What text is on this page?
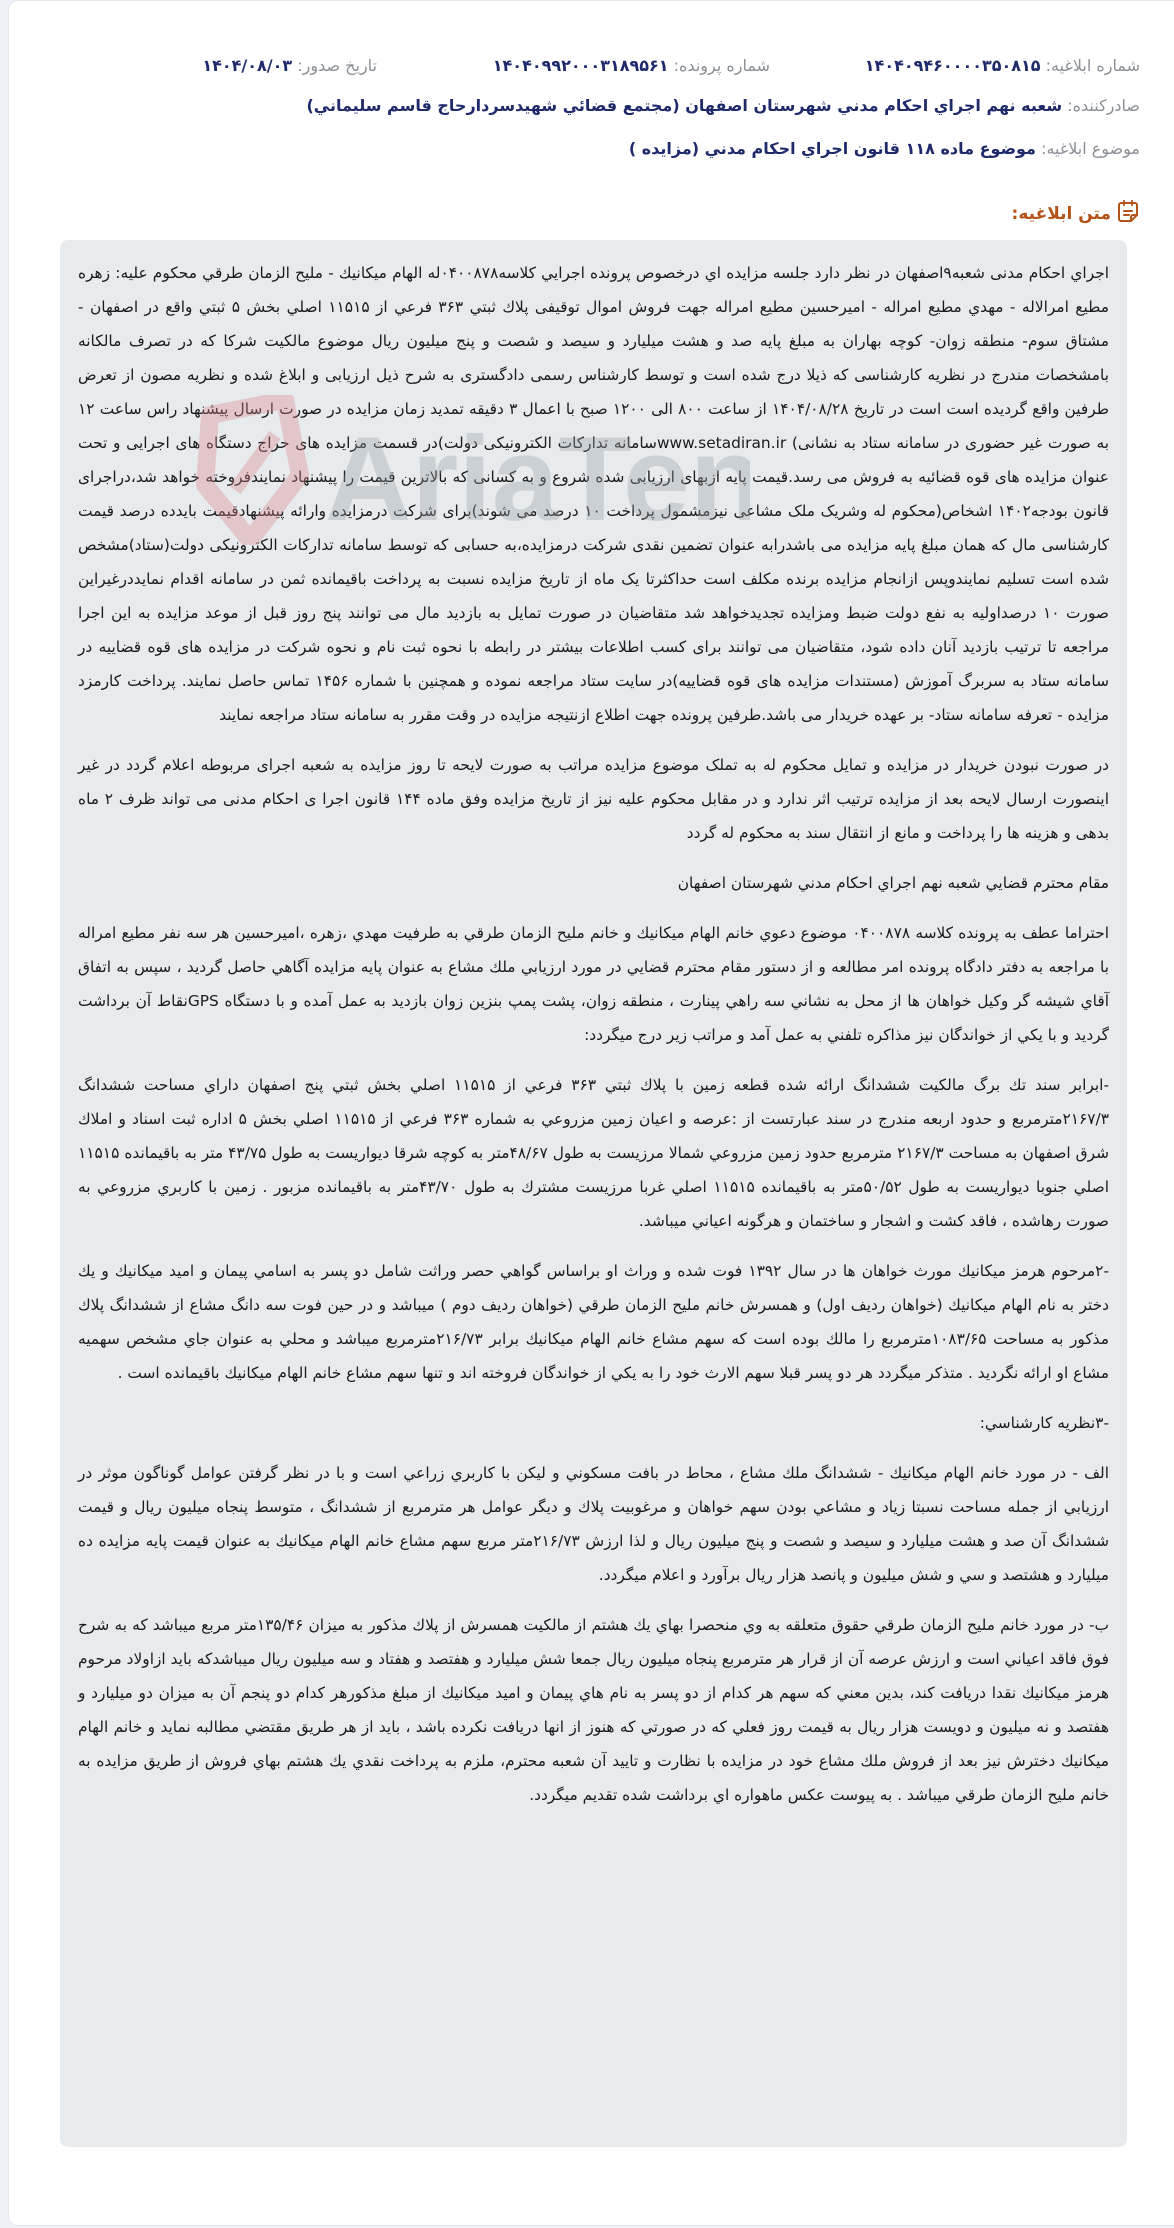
شماره ابلاغیه: ۱۴۰۴۰۹۴۶۰۰۰۰۳۵۰۸۱۵
شماره پرونده: ۱۴۰۴۰۹۹۲۰۰۰۳۱۸۹۵۶۱
تاریخ صدور: ۱۴۰۴/۰۸/۰۳
صادرکننده: شعبه نهم اجراي احكام مدني شهرستان اصفهان (مجتمع قضائي شهيدسردارحاج قاسم سليماني)
موضوع ابلاغیه: موضوع ماده ۱۱۸ قانون اجراي احكام مدني (مزايده )
متن ابلاغیه:

اجراي احكام مدنى شعبه۹اصفهان در نظر دارد جلسه مزايده اي درخصوص پرونده اجرايي كلاسه۰۴۰۰۸۷۸له الهام ميكانيك - مليح الزمان طرقي محكوم عليه: زهره مطيع امرالاله - مهدي مطيع امراله - اميرحسين مطيع امراله جهت فروش اموال توقيفى پلاك ثبتي ۳۶۳ فرعي از ۱۱۵۱۵ اصلي بخش ۵ ثبتي واقع در اصفهان - مشتاق سوم- منطقه زوان- كوچه بهاران به مبلغ پايه صد و هشت ميليارد و سيصد و شصت و پنج ميليون ريال موضوع مالكيت شركا كه در تصرف مالكانه بامشخصات مندرج در نظريه كارشناسى كه ذيلا درج شده است و توسط كارشناس رسمى دادگسترى به شرح ذيل ارزيابى و ابلاغ شده و نظريه مصون از تعرض طرفين واقع گرديده است است در تاريخ ۱۴۰۴/۰۸/۲۸ از ساعت ۸۰۰ الى ۱۲۰۰ صبح با اعمال ۳ دقيقه تمديد زمان مزايده در صورت ارسال پيشنهاد راس ساعت ۱۲ به صورت غير حضورى در سامانه ستاد به نشانى) www.setadiran.irسامانه تداركات الكترونيكى دولت)در قسمت مزايده هاى حراج دستگاه هاى اجرايى و تحت عنوان مزايده هاى قوه قضائيه به فروش مى رسد.قيمت پايه ازبهاى ارزيابى شده شروع و به كسانى كه بالاترين قيمت را پيشنهاد نمايندفروخته خواهد شد،دراجراى قانون بودجه۱۴۰۲ اشخاص(محكوم له وشريک ملک مشاعى نيزمشمول پرداخت ۱۰ درصد مى شوند)براى شركت درمزايده وارائه پيشنهادقيمت بايدده درصد قيمت كارشناسى مال كه همان مبلغ پايه مزايده مى باشدرابه عنوان تضمين نقدى شركت درمزايده،به حسابى كه توسط سامانه تداركات الكترونيكى دولت(ستاد)مشخص شده است تسليم نمايندوپس ازانجام مزايده برنده مكلف است حداكثرتا يک ماه از تاريخ مزايده نسبت به پرداخت باقيمانده ثمن در سامانه اقدام نمايددرغيراين صورت ۱۰ درصداوليه به نفع دولت ضبط ومزايده تجديدخواهد شد متقاضيان در صورت تمايل به بازديد مال مى توانند پنج روز قبل از موعد مزايده به اين اجرا مراجعه تا ترتيب بازديد آنان داده شود، متقاضيان مى توانند براى كسب اطلاعات بيشتر در رابطه با نحوه ثبت نام و نحوه شركت در مزايده هاى قوه قضاييه در سامانه ستاد به سربرگ آموزش (مستندات مزايده هاى قوه قضاييه)در سايت ستاد مراجعه نموده و همچنين با شماره ۱۴۵۶ تماس حاصل نمايند. پرداخت كارمزد مزايده - تعرفه سامانه ستاد- بر عهده خريدار مى باشد.طرفين پرونده جهت اطلاع ازنتيجه مزايده در وقت مقرر به سامانه ستاد مراجعه نمايند

در صورت نبودن خريدار در مزايده و تمايل محكوم له به تملک موضوع مزايده مراتب به صورت لايحه تا روز مزايده به شعبه اجراى مربوطه اعلام گردد در غير اينصورت ارسال لايحه بعد از مزايده ترتيب اثر ندارد و در مقابل محكوم عليه نيز از تاريخ مزايده وفق ماده ۱۴۴ قانون اجرا ى احكام مدنى مى تواند ظرف ۲ ماه بدهى و هزينه ها را پرداخت و مانع از انتقال سند به محكوم له گردد

مقام محترم قضايي شعبه نهم اجراي احكام مدني شهرستان اصفهان

احتراما عطف به پرونده كلاسه ۰۴۰۰۸۷۸ موضوع دعوي خانم الهام ميكانيك و خانم مليح الزمان طرقي به طرفيت مهدي ،زهره ،اميرحسين هر سه نفر مطيع امراله با مراجعه به دفتر دادگاه پرونده امر مطالعه و از دستور مقام محترم قضايي در مورد ارزيابي ملك مشاع به عنوان پايه مزايده آگاهي حاصل گرديد ، سپس به اتفاق آقاي شيشه گر وكيل خواهان ها از محل به نشاني سه راهي پينارت ، منطقه زوان، پشت پمپ بنزين زوان بازديد به عمل آمده و با دستگاه GPSنقاط آن برداشت گرديد و با يكي از خواندگان نيز مذاكره تلفني به عمل آمد و مراتب زير درج ميگردد:

-ابرابر سند تك برگ مالكيت ششدانگ ارائه شده قطعه زمين با پلاك ثبتي ۳۶۳ فرعي از ۱۱۵۱۵ اصلي بخش ثبتي پنج اصفهان داراي مساحت ششدانگ ۲۱۶۷/۳مترمربع و حدود اربعه مندرج در سند عبارتست از :عرصه و اعيان زمين مزروعي به شماره ۳۶۳ فرعي از ۱۱۵۱۵ اصلي بخش ۵ اداره ثبت اسناد و املاك شرق اصفهان به مساحت ۲۱۶۷/۳ مترمربع حدود زمين مزروعي شمالا مرزيست به طول ۴۸/۶۷متر به كوچه شرقا ديواريست به طول ۴۳/۷۵ متر به باقيمانده ۱۱۵۱۵ اصلي جنوبا ديواريست به طول ۵۰/۵۲متر به باقيمانده ۱۱۵۱۵ اصلي غربا مرزيست مشترك به طول ۴۳/۷۰متر به باقيمانده مزبور . زمين با كاربري مزروعي به صورت رهاشده ، فاقد كشت و اشجار و ساختمان و هرگونه اعياني ميباشد.

-۲مرحوم هرمز ميكانيك مورث خواهان ها در سال ۱۳۹۲ فوت شده و وراث او براساس گواهي حصر وراثت شامل دو پسر به اسامي پيمان و اميد ميكانيك و يك دختر به نام الهام ميكانيك (خواهان رديف اول) و همسرش خانم مليح الزمان طرقي (خواهان رديف دوم ) ميباشد و در حين فوت سه دانگ مشاع از ششدانگ پلاك مذكور به مساحت ۱۰۸۳/۶۵مترمربع را مالك بوده است كه سهم مشاع خانم الهام ميكانيك برابر ۲۱۶/۷۳مترمربع ميباشد و محلي به عنوان جاي مشخص سهميه مشاع او ارائه نگرديد . متذكر ميگردد هر دو پسر قبلا سهم الارث خود را به يكي از خواندگان فروخته اند و تنها سهم مشاع خانم الهام ميكانيك باقيمانده است .

-۳نظريه كارشناسي:

الف - در مورد خانم الهام ميكانيك - ششدانگ ملك مشاع ، محاط در بافت مسكوني و ليكن با كاربري زراعي است و با در نظر گرفتن عوامل گوناگون موثر در ارزيابي از جمله مساحت نسبتا زياد و مشاعي بودن سهم خواهان و مرغوبيت پلاك و ديگر عوامل هر مترمربع از ششدانگ ، متوسط پنجاه ميليون ريال و قيمت ششدانگ آن صد و هشت ميليارد و سيصد و شصت و پنج ميليون ريال و لذا ارزش ۲۱۶/۷۳متر مربع سهم مشاع خانم الهام ميكانيك به عنوان قيمت پايه مزايده ده ميليارد و هشتصد و سي و شش ميليون و پانصد هزار ريال برآورد و اعلام ميگردد.

ب- در مورد خانم مليح الزمان طرقي حقوق متعلقه به وي منحصرا بهاي يك هشتم از مالكيت همسرش از پلاك مذكور به ميزان ۱۳۵/۴۶متر مربع ميباشد كه به شرح فوق فاقد اعياني است و ارزش عرصه آن از قرار هر مترمربع پنجاه ميليون ريال جمعا شش ميليارد و هفتصد و هفتاد و سه ميليون ريال ميباشدكه بايد ازاولاد مرحوم هرمز ميكانيك نقدا دريافت كند، بدين معني كه سهم هر كدام از دو پسر به نام هاي پيمان و اميد ميكانيك از مبلغ مذكورهر كدام دو پنجم آن به ميزان دو ميليارد و هفتصد و نه ميليون و دويست هزار ريال به قيمت روز فعلي كه در صورتي كه هنوز از انها دريافت نكرده باشد ، بايد از هر طريق مقتضي مطالبه نمايد و خانم الهام ميكانيك دخترش نيز بعد از فروش ملك مشاع خود در مزايده با نظارت و تاييد آن شعبه محترم، ملزم به پرداخت نقدي يك هشتم بهاي فروش از طريق مزايده به خانم مليح الزمان طرقي ميباشد . به پيوست عكس ماهواره اي برداشت شده تقديم ميگردد.

AriaTen
